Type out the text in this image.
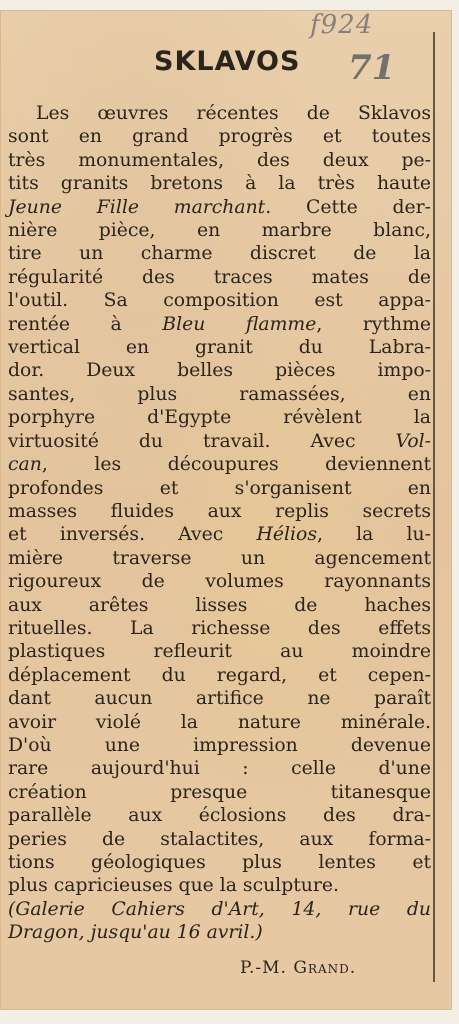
f924
71
SKLAVOS
Les œuvres récentes de Sklavos
sont en grand progrès et toutes
très monumentales, des deux pe-
tits granits bretons à la très haute
Jeune Fille marchant. Cette der-
nière pièce, en marbre blanc,
tire un charme discret de la
régularité des traces mates de
l'outil. Sa composition est appa-
rentée à Bleu flamme, rythme
vertical en granit du Labra-
dor. Deux belles pièces impo-
santes, plus ramassées, en
porphyre d'Egypte révèlent la
virtuosité du travail. Avec Vol-
can, les découpures deviennent
profondes et s'organisent en
masses fluides aux replis secrets
et inversés. Avec Hélios, la lu-
mière traverse un agencement
rigoureux de volumes rayonnants
aux arêtes lisses de haches
rituelles. La richesse des effets
plastiques refleurit au moindre
déplacement du regard, et cepen-
dant aucun artifice ne paraît
avoir violé la nature minérale.
D'où une impression devenue
rare aujourd'hui : celle d'une
création presque titanesque
parallèle aux éclosions des dra-
peries de stalactites, aux forma-
tions géologiques plus lentes et
plus capricieuses que la sculpture.
(Galerie Cahiers d'Art, 14, rue du
Dragon, jusqu'au 16 avril.)
P.-M. Grand.
